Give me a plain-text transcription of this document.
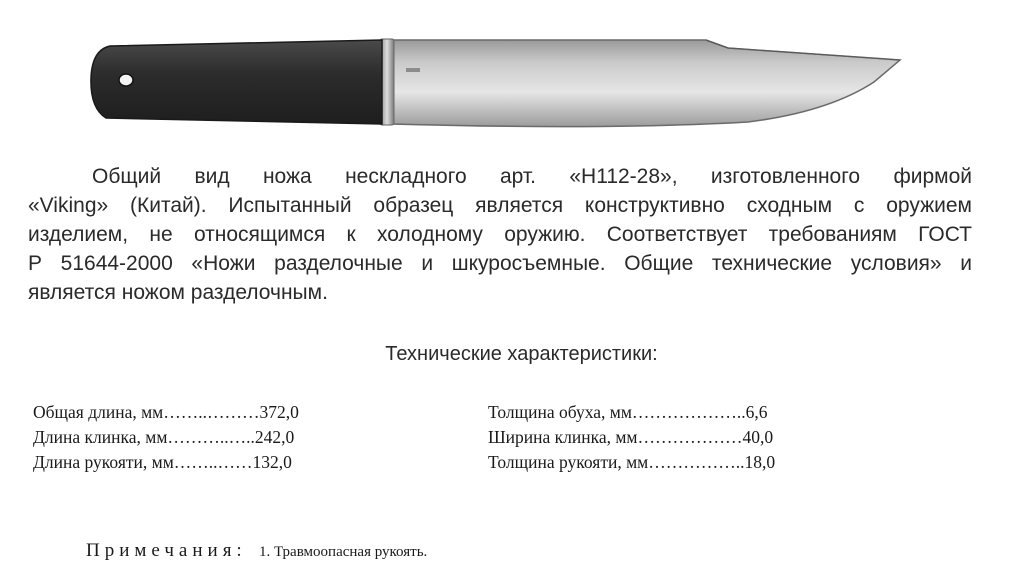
Общий вид ножа нескладного арт. «Н112-28», изготовленного фирмой
«Viking» (Китай). Испытанный образец является конструктивно сходным с оружием
изделием, не относящимся к холодному оружию. Соответствует требованиям ГОСТ
Р 51644-2000 «Ножи разделочные и шкуросъемные. Общие технические условия» и
является ножом разделочным.
Технические характеристики:
Общая длина, мм……..………372,0
Длина клинка, мм………..…..242,0
Длина рукояти, мм……..……132,0
Толщина обуха, мм………………..6,6
Ширина клинка, мм………………40,0
Толщина рукояти, мм……………..18,0
Примечания: 1. Травмоопасная рукоять.
